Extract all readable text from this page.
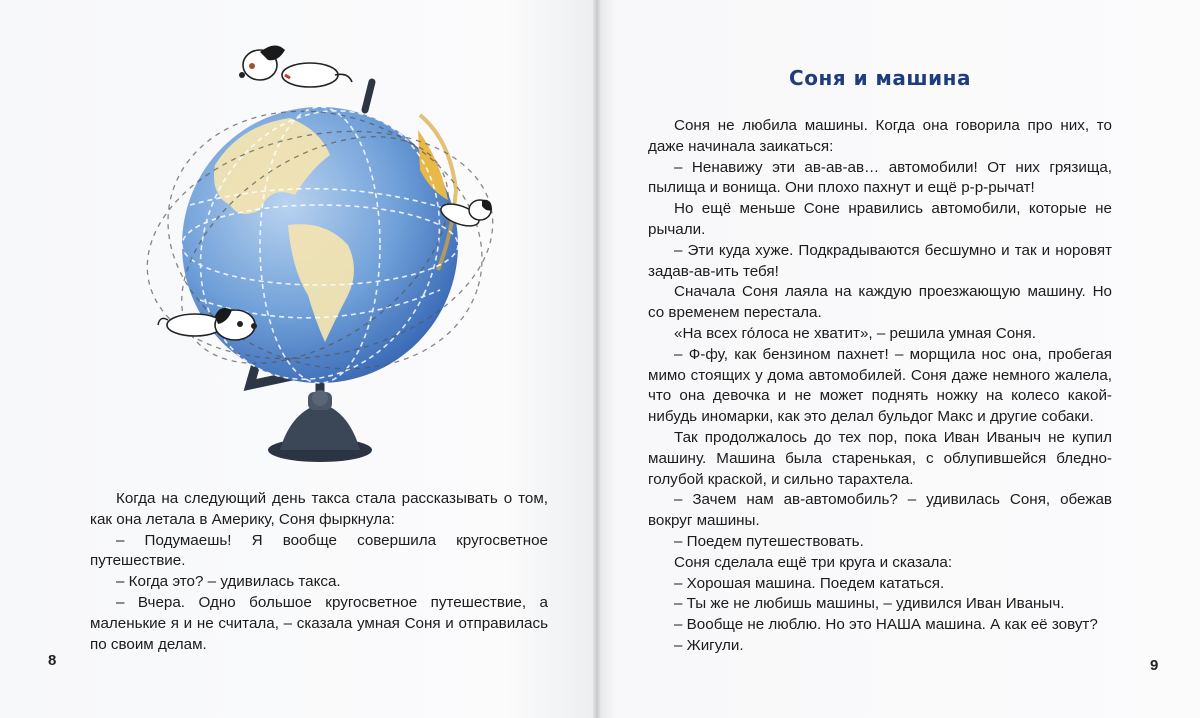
Когда на следующий день такса стала рассказывать о том, как она летала в Америку, Соня фыркнула:

– Подумаешь! Я вообще совершила кругосветное путешествие.

– Когда это? – удивилась такса.

– Вчера. Одно большое кругосветное путешествие, а маленькие я и не считала, – сказала умная Соня и отправилась по своим делам.

8
Соня и машина

Соня не любила машины. Когда она говорила про них, то даже начинала заикаться:

– Ненавижу эти ав-ав-ав… автомобили! От них грязища, пылища и вонища. Они плохо пахнут и ещё р-р-рычат!

Но ещё меньше Соне нравились автомобили, которые не рычали.

– Эти куда хуже. Подкрадываются бесшумно и так и норовят задав-ав-ить тебя!

Сначала Соня лаяла на каждую проезжающую машину. Но со временем перестала.

«На всех го́лоса не хватит», – решила умная Соня.

– Ф-фу, как бензином пахнет! – морщила нос она, пробегая мимо стоящих у дома автомобилей. Соня даже немного жалела, что она девочка и не может поднять ножку на колесо какой-нибудь иномарки, как это делал бульдог Макс и другие собаки.

Так продолжалось до тех пор, пока Иван Иваныч не купил машину. Машина была старенькая, с облупившейся бледно-голубой краской, и сильно тарахтела.

– Зачем нам ав-автомобиль? – удивилась Соня, обежав вокруг машины.

– Поедем путешествовать.

Соня сделала ещё три круга и сказала:

– Хорошая машина. Поедем кататься.

– Ты же не любишь машины, – удивился Иван Иваныч.

– Вообще не люблю. Но это НАША машина. А как её зовут?

– Жигули.

9
